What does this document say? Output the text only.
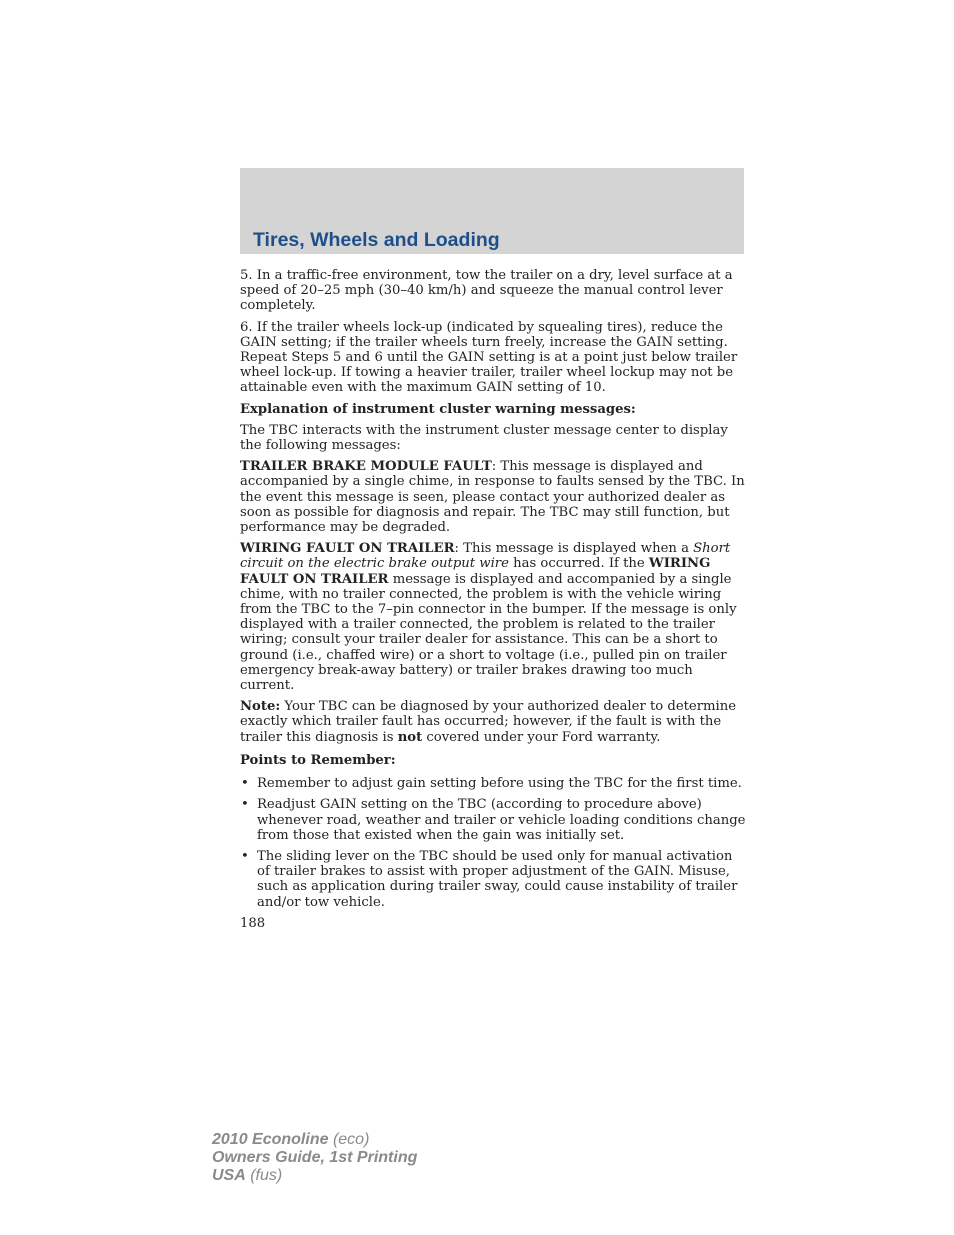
Tires, Wheels and Loading

5. In a traffic-free environment, tow the trailer on a dry, level surface at a speed of 20–25 mph (30–40 km/h) and squeeze the manual control lever completely.

6. If the trailer wheels lock-up (indicated by squealing tires), reduce the GAIN setting; if the trailer wheels turn freely, increase the GAIN setting. Repeat Steps 5 and 6 until the GAIN setting is at a point just below trailer wheel lock-up. If towing a heavier trailer, trailer wheel lockup may not be attainable even with the maximum GAIN setting of 10.

Explanation of instrument cluster warning messages:

The TBC interacts with the instrument cluster message center to display the following messages:

TRAILER BRAKE MODULE FAULT: This message is displayed and accompanied by a single chime, in response to faults sensed by the TBC. In the event this message is seen, please contact your authorized dealer as soon as possible for diagnosis and repair. The TBC may still function, but performance may be degraded.

WIRING FAULT ON TRAILER: This message is displayed when a Short circuit on the electric brake output wire has occurred. If the WIRING FAULT ON TRAILER message is displayed and accompanied by a single chime, with no trailer connected, the problem is with the vehicle wiring from the TBC to the 7–pin connector in the bumper. If the message is only displayed with a trailer connected, the problem is related to the trailer wiring; consult your trailer dealer for assistance. This can be a short to ground (i.e., chaffed wire) or a short to voltage (i.e., pulled pin on trailer emergency break-away battery) or trailer brakes drawing too much current.

Note: Your TBC can be diagnosed by your authorized dealer to determine exactly which trailer fault has occurred; however, if the fault is with the trailer this diagnosis is not covered under your Ford warranty.

Points to Remember:

• Remember to adjust gain setting before using the TBC for the first time.
• Readjust GAIN setting on the TBC (according to procedure above) whenever road, weather and trailer or vehicle loading conditions change from those that existed when the gain was initially set.
• The sliding lever on the TBC should be used only for manual activation of trailer brakes to assist with proper adjustment of the GAIN. Misuse, such as application during trailer sway, could cause instability of trailer and/or tow vehicle.
188
2010 Econoline (eco)
Owners Guide, 1st Printing
USA (fus)
